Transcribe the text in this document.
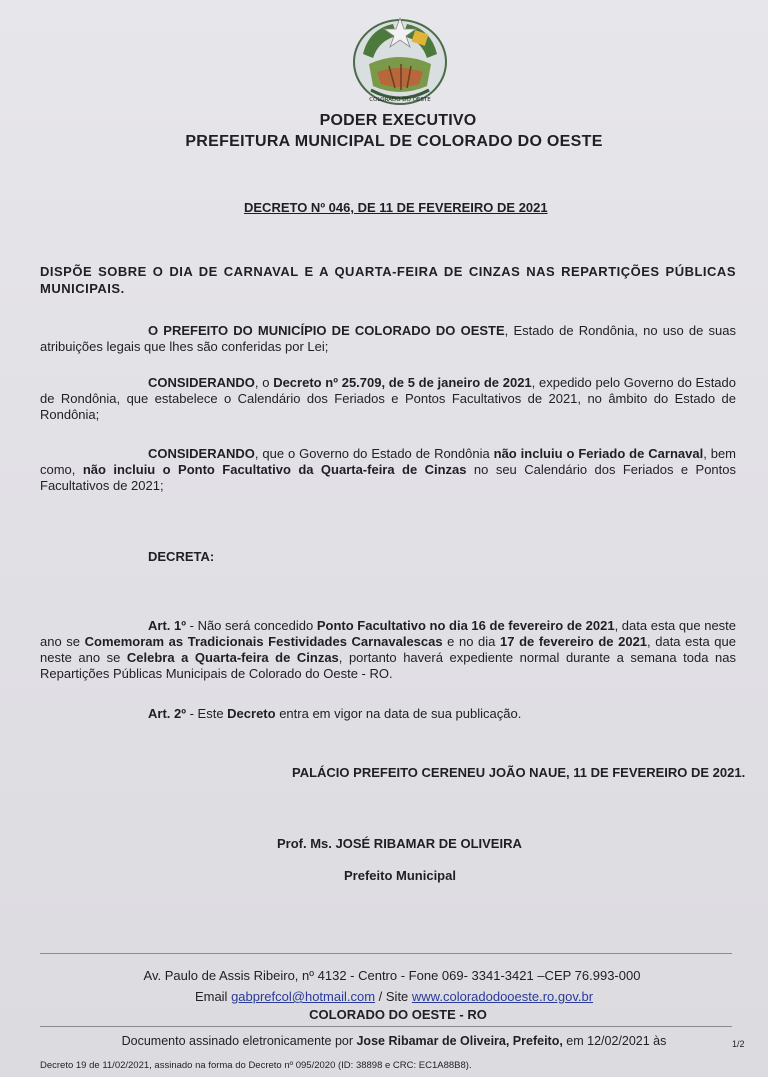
COLORADO DO OESTE
PODER EXECUTIVO
PREFEITURA MUNICIPAL DE COLORADO DO OESTE
DECRETO Nº 046, DE 11 DE FEVEREIRO DE 2021
DISPÕE SOBRE O DIA DE CARNAVAL E A QUARTA-FEIRA DE CINZAS NAS REPARTIÇÕES PÚBLICAS MUNICIPAIS.
O PREFEITO DO MUNICÍPIO DE COLORADO DO OESTE, Estado de Rondônia, no uso de suas atribuições legais que lhes são conferidas por Lei;
CONSIDERANDO, o Decreto nº 25.709, de 5 de janeiro de 2021, expedido pelo Governo do Estado de Rondônia, que estabelece o Calendário dos Feriados e Pontos Facultativos de 2021, no âmbito do Estado de Rondônia;
CONSIDERANDO, que o Governo do Estado de Rondônia não incluiu o Feriado de Carnaval, bem como, não incluiu o Ponto Facultativo da Quarta-feira de Cinzas no seu Calendário dos Feriados e Pontos Facultativos de 2021;
DECRETA:
Art. 1º - Não será concedido Ponto Facultativo no dia 16 de fevereiro de 2021, data esta que neste ano se Comemoram as Tradicionais Festividades Carnavalescas e no dia 17 de fevereiro de 2021, data esta que neste ano se Celebra a Quarta-feira de Cinzas, portanto haverá expediente normal durante a semana toda nas Repartições Públicas Municipais de Colorado do Oeste - RO.
Art. 2º - Este Decreto entra em vigor na data de sua publicação.
PALÁCIO PREFEITO CERENEU JOÃO NAUE, 11 DE FEVEREIRO DE 2021.
Prof. Ms. JOSÉ RIBAMAR DE OLIVEIRA
Prefeito Municipal
Av. Paulo de Assis Ribeiro, nº 4132 - Centro - Fone 069- 3341-3421 –CEP 76.993-000
Email gabprefcol@hotmail.com / Site www.coloradodooeste.ro.gov.br
COLORADO DO OESTE - RO
Documento assinado eletronicamente por Jose Ribamar de Oliveira, Prefeito, em 12/02/2021 às	1/2
Decreto 19 de 11/02/2021, assinado na forma do Decreto nº 095/2020 (ID: 38898 e CRC: EC1A88B8).
